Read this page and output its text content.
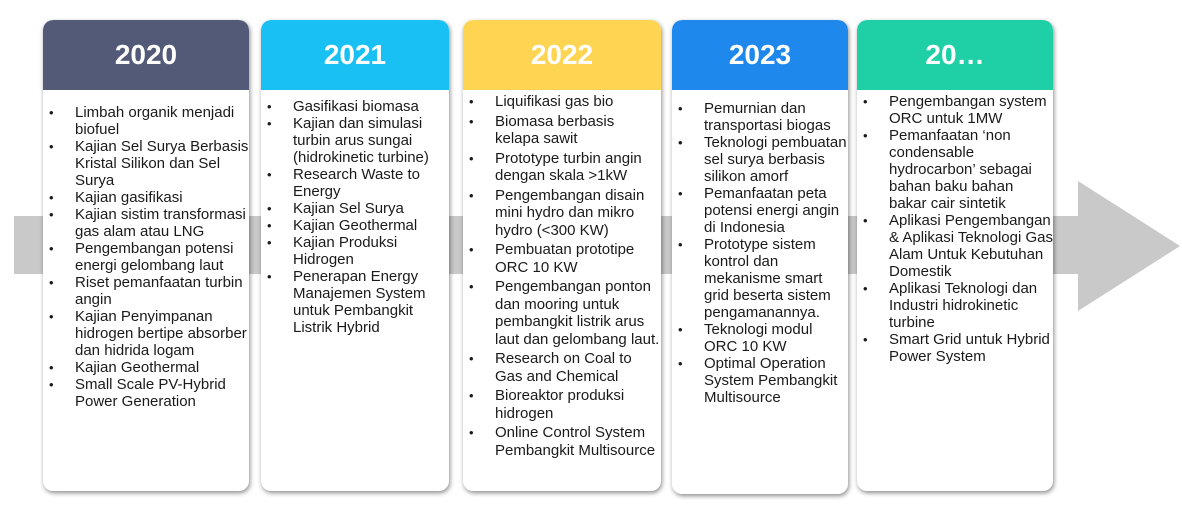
2020
• Limbah organik menjadi biofuel
• Kajian Sel Surya Berbasis Kristal Silikon dan Sel Surya
• Kajian gasifikasi
• Kajian sistim transformasi gas alam atau LNG
• Pengembangan potensi energi gelombang laut
• Riset pemanfaatan turbin angin
• Kajian Penyimpanan hidrogen bertipe absorber dan hidrida logam
• Kajian Geothermal
• Small Scale PV-Hybrid Power Generation
2021
• Gasifikasi biomasa
• Kajian dan simulasi turbin arus sungai (hidrokinetic turbine)
• Research Waste to Energy
• Kajian Sel Surya
• Kajian Geothermal
• Kajian Produksi Hidrogen
• Penerapan Energy Manajemen System untuk Pembangkit Listrik Hybrid
2022
• Liquifikasi gas bio
• Biomasa berbasis kelapa sawit
• Prototype turbin angin dengan skala >1kW
• Pengembangan disain mini hydro dan mikro hydro (<300 KW)
• Pembuatan prototipe ORC 10 KW
• Pengembangan ponton dan mooring untuk pembangkit listrik arus laut dan gelombang laut.
• Research on Coal to Gas and Chemical
• Bioreaktor produksi hidrogen
• Online Control System Pembangkit Multisource
2023
• Pemurnian dan transportasi biogas
• Teknologi pembuatan sel surya berbasis silikon amorf
• Pemanfaatan peta potensi energi angin di Indonesia
• Prototype sistem kontrol dan mekanisme smart grid beserta sistem pengamanannya.
• Teknologi modul ORC 10 KW
• Optimal Operation System Pembangkit Multisource
20…
• Pengembangan system ORC untuk 1MW
• Pemanfaatan ‘non condensable hydrocarbon’ sebagai bahan baku bahan bakar cair sintetik
• Aplikasi Pengembangan & Aplikasi Teknologi Gas Alam Untuk Kebutuhan Domestik
• Aplikasi Teknologi dan Industri hidrokinetic turbine
• Smart Grid untuk Hybrid Power System
